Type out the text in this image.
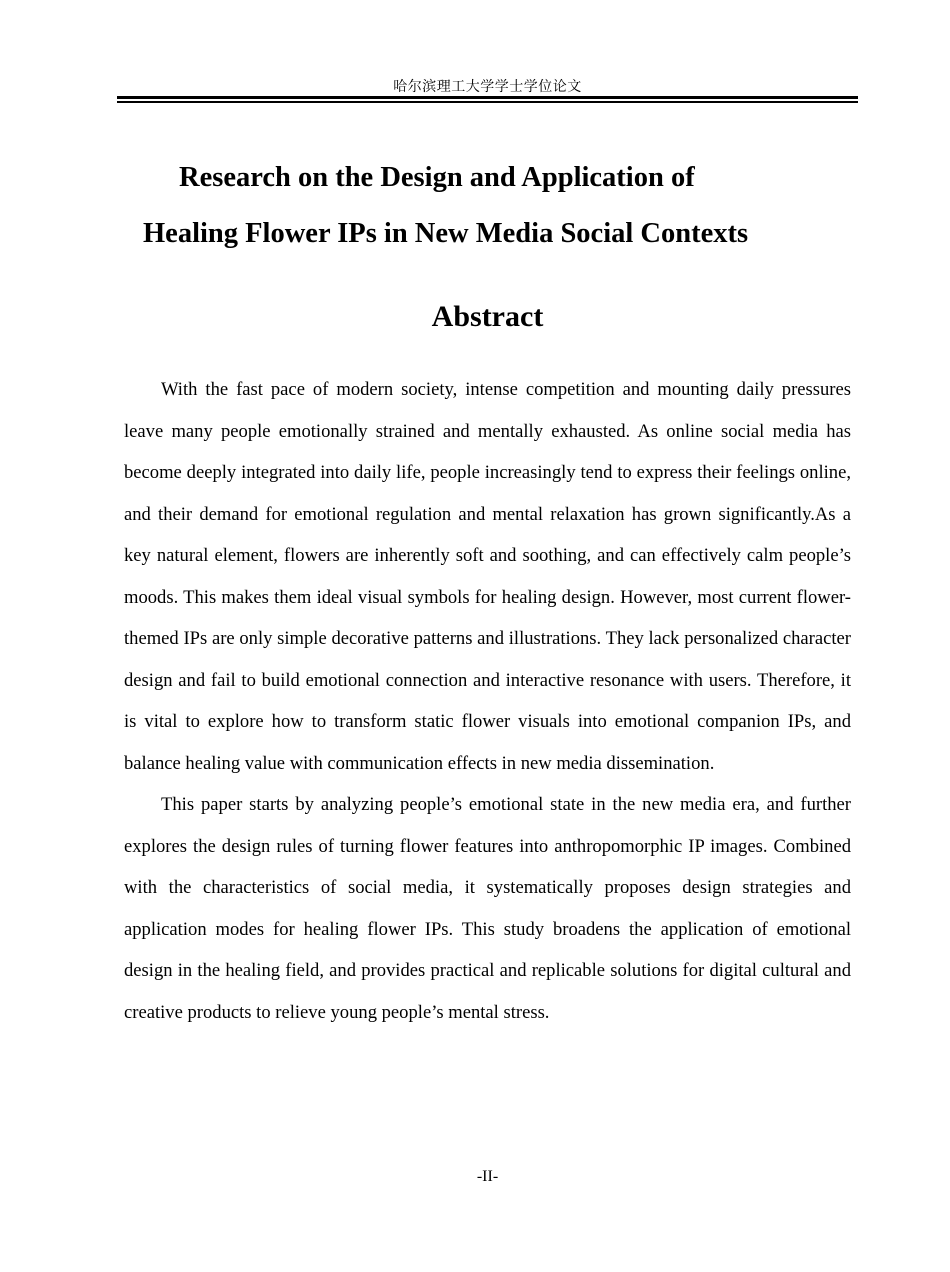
哈尔滨理工大学学士学位论文
Research on the Design and Application of
Healing Flower IPs in New Media Social Contexts
Abstract

With the fast pace of modern society, intense competition and mounting daily pressures leave many people emotionally strained and mentally exhausted. As online social media has become deeply integrated into daily life, people increasingly tend to express their feelings online, and their demand for emotional regulation and mental relaxation has grown significantly.As a key natural element, flowers are inherently soft and soothing, and can effectively calm people’s moods. This makes them ideal visual symbols for healing design. However, most current flower-themed IPs are only simple decorative patterns and illustrations. They lack personalized character design and fail to build emotional connection and interactive resonance with users. Therefore, it is vital to explore how to transform static flower visuals into emotional companion IPs, and balance healing value with communication effects in new media dissemination.

This paper starts by analyzing people’s emotional state in the new media era, and further explores the design rules of turning flower features into anthropomorphic IP images. Combined with the characteristics of social media, it systematically proposes design strategies and application modes for healing flower IPs. This study broadens the application of emotional design in the healing field, and provides practical and replicable solutions for digital cultural and creative products to relieve young people’s mental stress.

-II-
